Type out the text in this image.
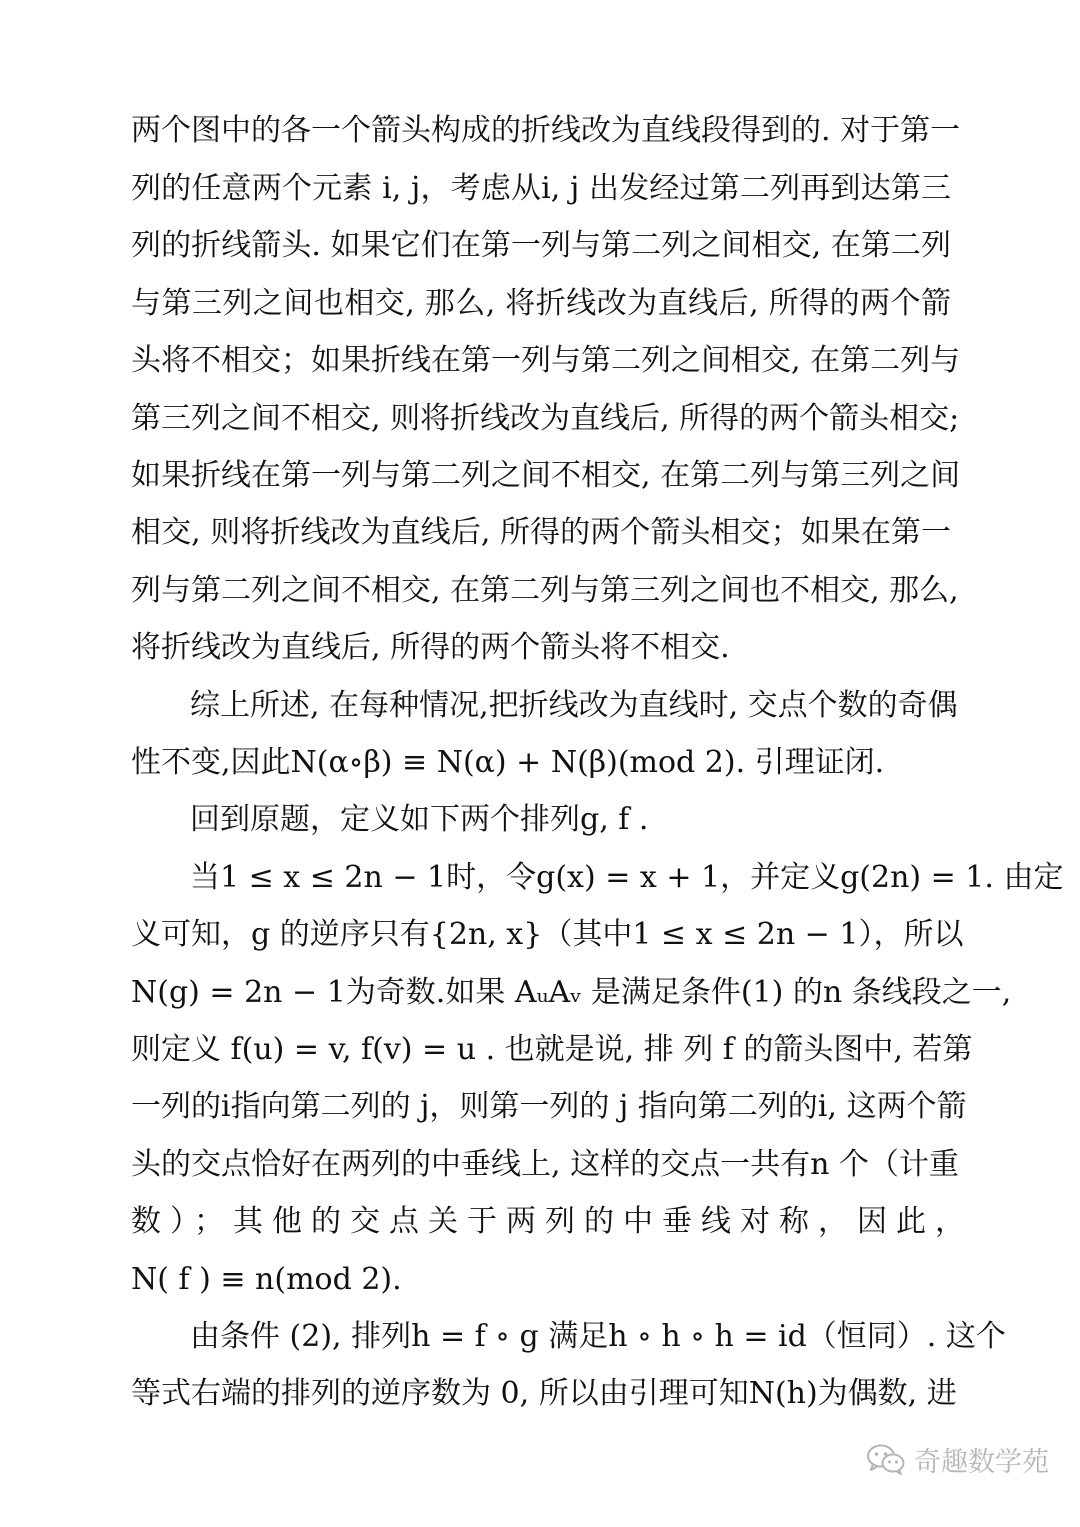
两个图中的各一个箭头构成的折线改为直线段得到的. 对于第一
列的任意两个元素 i, j，考虑从i, j 出发经过第二列再到达第三
列的折线箭头. 如果它们在第一列与第二列之间相交, 在第二列
与第三列之间也相交, 那么, 将折线改为直线后, 所得的两个箭
头将不相交；如果折线在第一列与第二列之间相交, 在第二列与
第三列之间不相交, 则将折线改为直线后, 所得的两个箭头相交;
如果折线在第一列与第二列之间不相交, 在第二列与第三列之间
相交, 则将折线改为直线后, 所得的两个箭头相交；如果在第一
列与第二列之间不相交, 在第二列与第三列之间也不相交, 那么,
将折线改为直线后, 所得的两个箭头将不相交.
综上所述, 在每种情况,把折线改为直线时, 交点个数的奇偶
性不变,因此N(α∘β) ≡ N(α) + N(β)(mod 2). 引理证闭.
回到原题，定义如下两个排列g, f .
当1 ≤ x ≤ 2n − 1时，令g(x) = x + 1，并定义g(2n) = 1. 由定
义可知，g 的逆序只有{2n, x}（其中1 ≤ x ≤ 2n − 1），所以
N(g) = 2n − 1为奇数.如果 AᵤAᵥ 是满足条件(1) 的n 条线段之一,
则定义 f(u) = v, f(v) = u . 也就是说, 排 列 f 的箭头图中, 若第
一列的i指向第二列的 j，则第一列的 j 指向第二列的i, 这两个箭
头的交点恰好在两列的中垂线上, 这样的交点一共有n 个（计重
数）；其他的交点关于两列的中垂线对称，因此，
N( f ) ≡ n(mod 2).
由条件 (2), 排列h = f ∘ g 满足h ∘ h ∘ h = id（恒同）. 这个
等式右端的排列的逆序数为 0, 所以由引理可知N(h)为偶数, 进
奇趣数学苑
